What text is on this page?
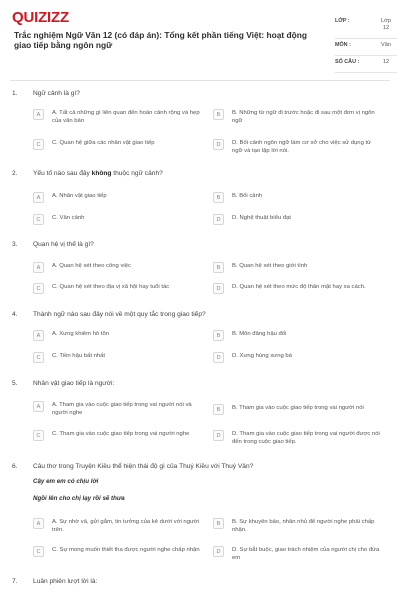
QUIZIZZ
Trắc nghiệm Ngữ Văn 12 (có đáp án): Tổng kết phần tiếng Việt: hoạt động giao tiếp bằng ngôn ngữ
LỚP :	Lớp 12
MÔN :	Văn
SỐ CÂU :	12
1. Ngữ cảnh là gì?
A	A. Tất cả những gì liên quan đến hoàn cảnh rộng và hẹp của văn bản
B	B. Những từ ngữ đi trước hoặc đi sau một đơn vị ngôn ngữ
C	C. Quan hệ giữa các nhân vật giao tiếp	D	D. Bối cảnh ngôn ngữ làm cơ sở cho việc sử dụng từ ngữ và tạo lập lời nói.
2. Yếu tố nào sau đây không thuộc ngữ cảnh?
A	A. Nhân vật giao tiếp	B	B. Bối cảnh
C	C. Văn cảnh	D	D. Nghệ thuật biểu đạt
3. Quan hệ vị thế là gì?
A	A. Quan hệ xét theo công việc	B	B. Quan hệ xét theo giới tính
C	C. Quan hệ xét theo địa vị xã hội hay tuổi tác	D	D. Quan hệ xét theo mức độ thân mật hay xa cách.
4. Thành ngữ nào sau đây nói về một quy tắc trong giao tiếp?
A	A. Xưng khiêm hô tôn	B	B. Môn đăng hậu đối
C	C. Tiền hậu bất nhất	D	D. Xưng hùng xưng bá
5. Nhân vật giao tiếp là người:
A	A. Tham gia vào cuộc giao tiếp trong vai người nói và người nghe	B	B. Tham gia vào cuộc giao tiếp trong vai người nói
C	C. Tham gia vào cuộc giao tiếp trong vai người nghe	D	D. Tham gia vào cuộc giao tiếp trong vai người được nói đến trong cuộc giao tiếp.
6. Câu thơ trong Truyện Kiều thể hiện thái độ gì của Thuý Kiều với Thuý Vân?
Cậy em em có chịu lời
Ngồi lên cho chị lạy rồi sẽ thưa
A	A. Sự nhờ vả, gửi gắm, tin tưởng của kẻ dưới với người trên.
B	B. Sự khuyên bảo, nhân nhủ để người nghe phải chấp nhận.
C	C. Sự mong muốn thiết tha được người nghe chấp nhận	D	D. Sự bắt buộc, giao trách nhiệm của người chị cho đứa em
7. Luân phiên lượt lời là:
